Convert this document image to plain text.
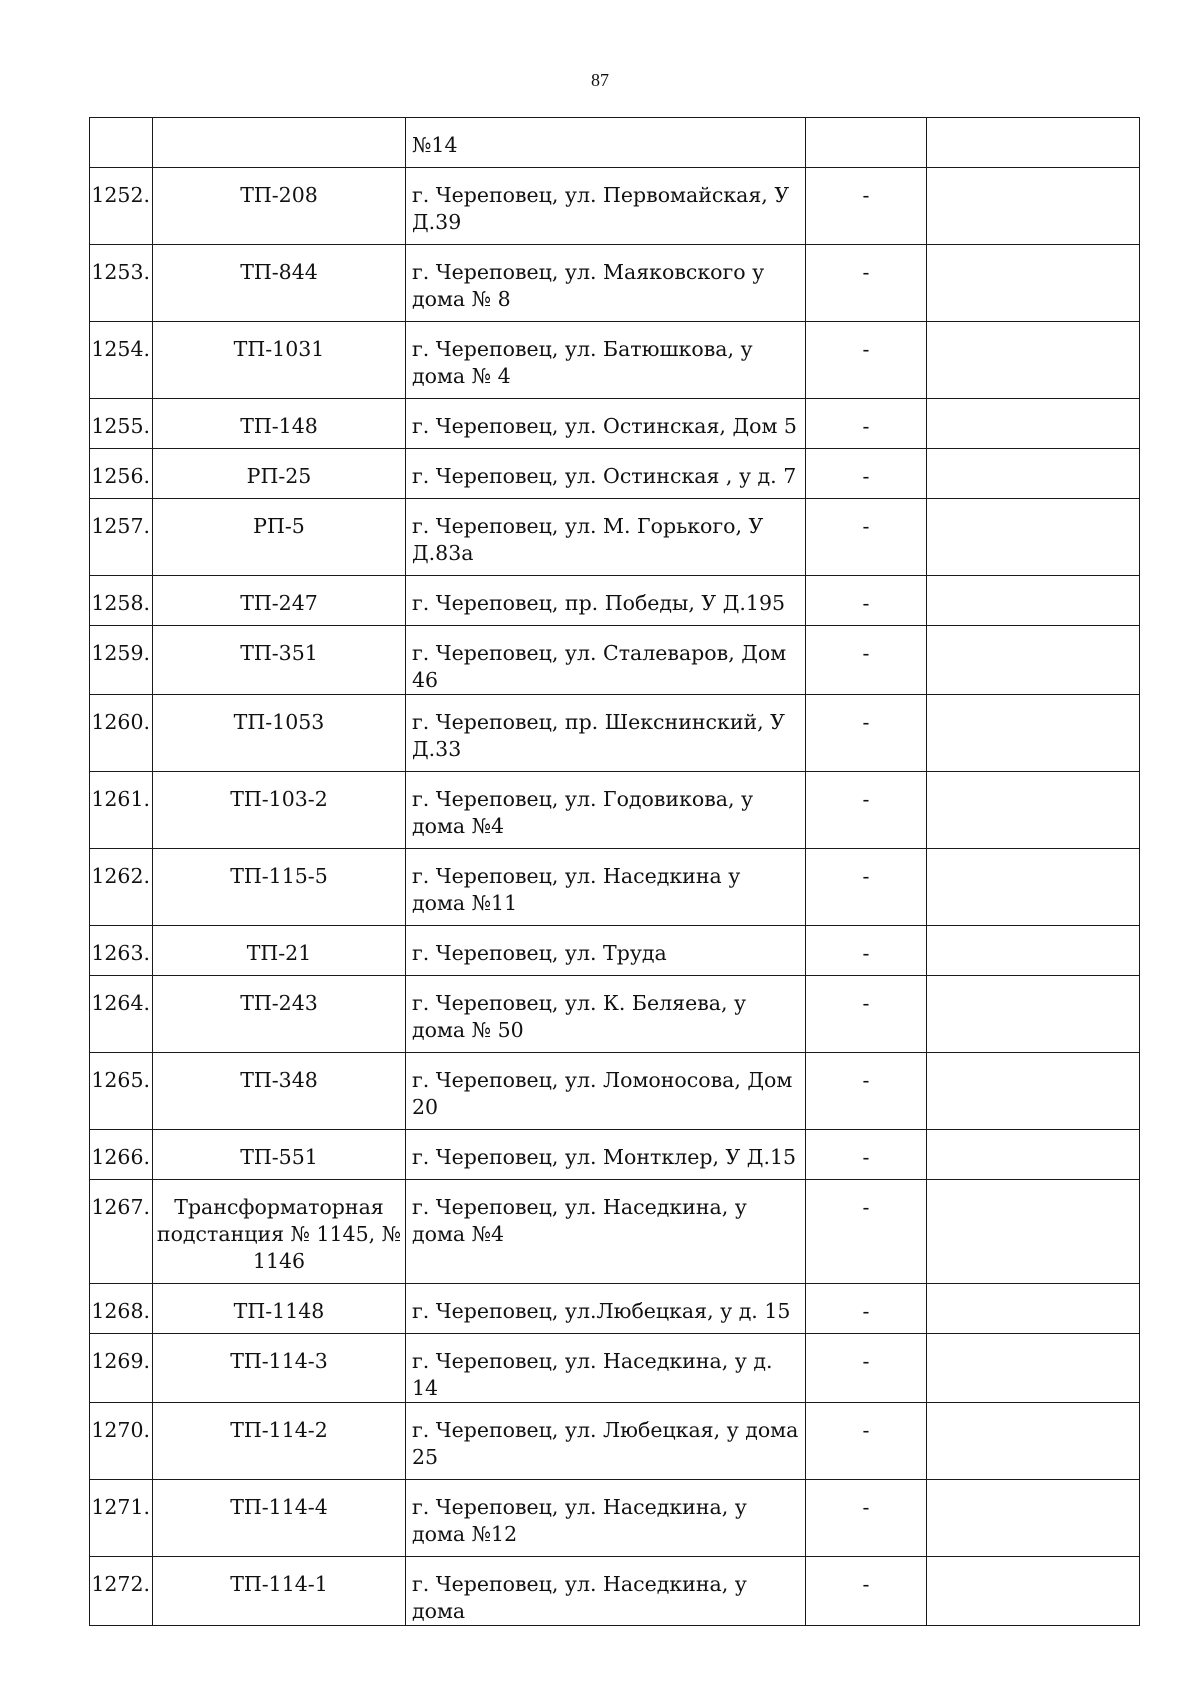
87
		№14		
1252.	ТП-208	г. Череповец, ул. Первомайская, У Д.39	-	
1253.	ТП-844	г. Череповец, ул. Маяковского у дома № 8	-	
1254.	ТП-1031	г. Череповец, ул. Батюшкова, у дома № 4	-	
1255.	ТП-148	г. Череповец, ул. Остинская, Дом 5	-	
1256.	РП-25	г. Череповец, ул. Остинская , у д. 7	-	
1257.	РП-5	г. Череповец, ул. М. Горького, У Д.83а	-	
1258.	ТП-247	г. Череповец, пр. Победы, У Д.195	-	
1259.	ТП-351	г. Череповец, ул. Сталеваров, Дом 46	-	
1260.	ТП-1053	г. Череповец, пр. Шекснинский, У Д.33	-	
1261.	ТП-103-2	г. Череповец, ул. Годовикова, у дома №4	-	
1262.	ТП-115-5	г. Череповец, ул. Наседкина у дома №11	-	
1263.	ТП-21	г. Череповец, ул. Труда	-	
1264.	ТП-243	г. Череповец, ул. К. Беляева, у дома № 50	-	
1265.	ТП-348	г. Череповец, ул. Ломоносова, Дом 20	-	
1266.	ТП-551	г. Череповец, ул. Монтклер, У Д.15	-	
1267.	Трансформаторная подстанция № 1145, № 1146	г. Череповец, ул. Наседкина, у дома №4	-	
1268.	ТП-1148	г. Череповец, ул.Любецкая, у д. 15	-	
1269.	ТП-114-3	г. Череповец, ул. Наседкина, у д. 14	-	
1270.	ТП-114-2	г. Череповец, ул. Любецкая, у дома 25	-	
1271.	ТП-114-4	г. Череповец, ул. Наседкина, у дома №12	-	
1272.	ТП-114-1	г. Череповец, ул. Наседкина, у дома	-	
